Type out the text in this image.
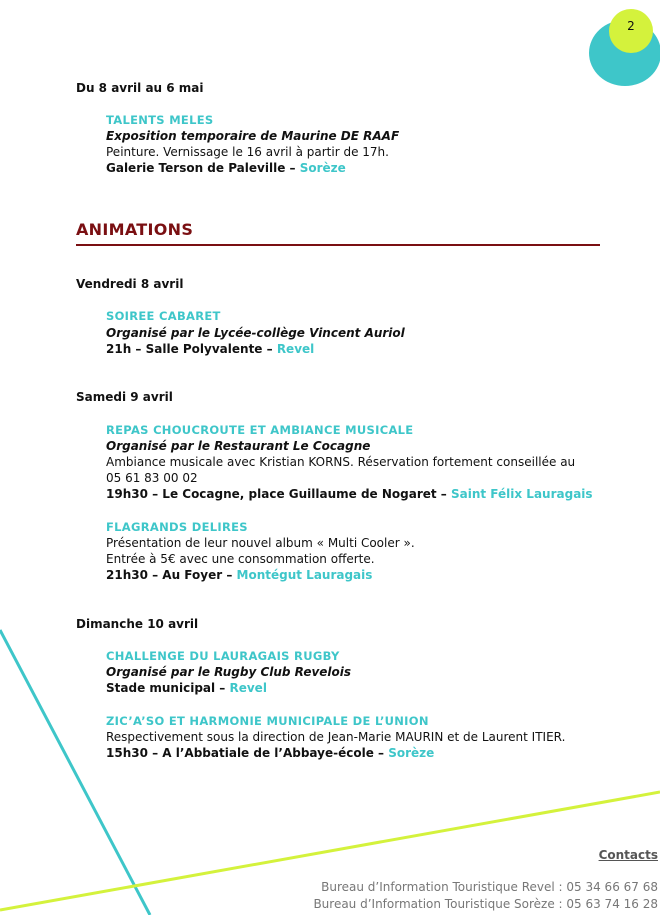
2
Du 8 avril au 6 mai
TALENTS MELES
Exposition temporaire de Maurine DE RAAF
Peinture. Vernissage le 16 avril à partir de 17h.
Galerie Terson de Paleville – Sorèze
ANIMATIONS
Vendredi 8 avril
SOIREE CABARET
Organisé par le Lycée-collège Vincent Auriol
21h – Salle Polyvalente – Revel
Samedi 9 avril
REPAS CHOUCROUTE ET AMBIANCE MUSICALE
Organisé par le Restaurant Le Cocagne
Ambiance musicale avec Kristian KORNS. Réservation fortement conseillée au
05 61 83 00 02
19h30 – Le Cocagne, place Guillaume de Nogaret – Saint Félix Lauragais
FLAGRANDS DELIRES
Présentation de leur nouvel album « Multi Cooler ».
Entrée à 5€ avec une consommation offerte.
21h30 – Au Foyer – Montégut Lauragais
Dimanche 10 avril
CHALLENGE DU LAURAGAIS RUGBY
Organisé par le Rugby Club Revelois
Stade municipal – Revel
ZIC’A’SO ET HARMONIE MUNICIPALE DE L’UNION
Respectivement sous la direction de Jean-Marie MAURIN et de Laurent ITIER.
15h30 – A l’Abbatiale de l’Abbaye-école – Sorèze
Contacts
Bureau d’Information Touristique Revel : 05 34 66 67 68
Bureau d’Information Touristique Sorèze : 05 63 74 16 28
